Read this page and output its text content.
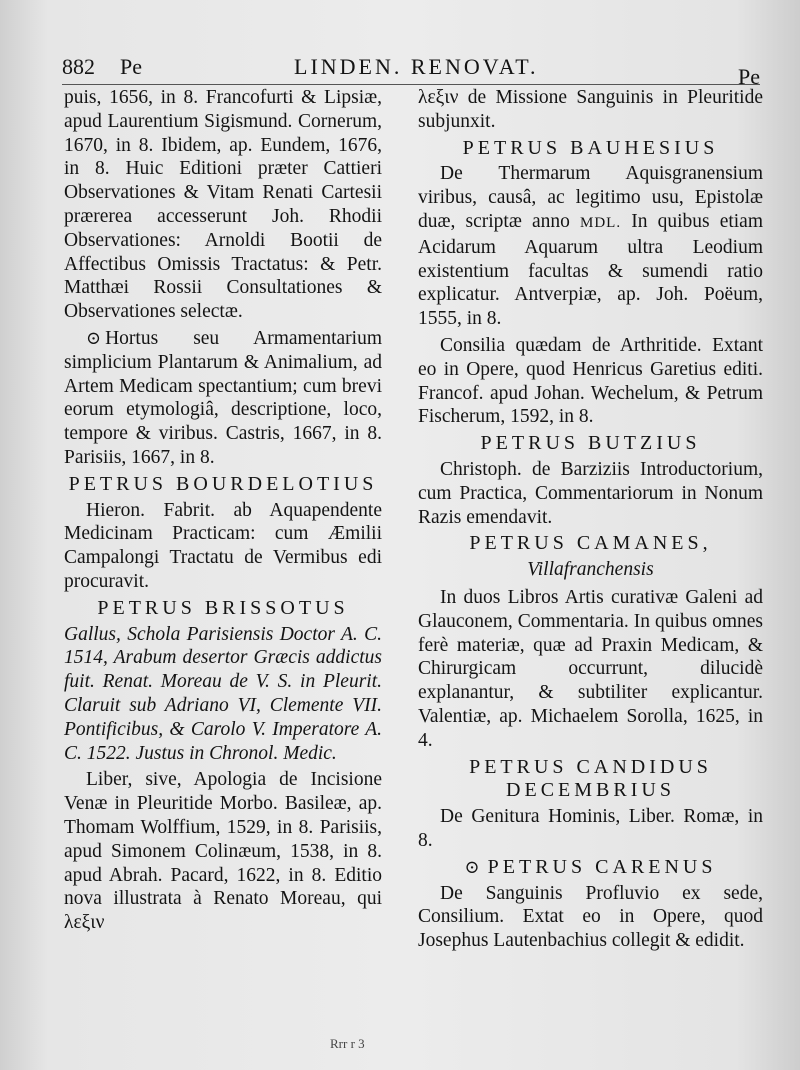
882 Pe	LINDEN. RENOVAT.	Pe

puis, 1656, in 8. Francofurti & Lipsiæ, apud Laurentium Sigismund. Cornerum, 1670, in 8. Ibidem, ap. Eundem, 1676, in 8. Huic Editioni præter Cattieri Observationes & Vitam Renati Cartesii prærerea accesserunt Joh. Rhodii Observationes: Arnoldi Bootii de Affectibus Omissis Tractatus: & Petr. Matthæi Rossii Consultationes & Observationes selectæ.

⊙ Hortus seu Armamentarium simplicium Plantarum & Animalium, ad Artem Medicam spectantium; cum brevi eorum etymologiâ, descriptione, loco, tempore & viribus. Castris, 1667, in 8. Parisiis, 1667, in 8.

PETRUS BOURDELOTIUS

Hieron. Fabrit. ab Aquapendente Medicinam Practicam: cum Æmilii Campalongi Tractatu de Vermibus edi procuravit.

PETRUS BRISSOTUS

Gallus, Schola Parisiensis Doctor A. C. 1514, Arabum desertor Græcis addictus fuit. Renat. Moreau de V. S. in Pleurit. Claruit sub Adriano VI, Clemente VII. Pontificibus, & Carolo V. Imperatore A. C. 1522. Justus in Chronol. Medic.

Liber, sive, Apologia de Incisione Venæ in Pleuritide Morbo. Basileæ, ap. Thomam Wolffium, 1529, in 8. Parisiis, apud Simonem Colinæum, 1538, in 8. apud Abrah. Pacard, 1622, in 8. Editio nova illustrata à Renato Moreau, qui λεξιν

λεξιν de Missione Sanguinis in Pleuritide subjunxit.

PETRUS BAUHESIUS

De Thermarum Aquisgranensium viribus, causâ, ac legitimo usu, Epistolæ duæ, scriptæ anno MDL. In quibus etiam Acidarum Aquarum ultra Leodium existentium facultas & sumendi ratio explicatur. Antverpiæ, ap. Joh. Poëum, 1555, in 8.

Consilia quædam de Arthritide. Extant eo in Opere, quod Henricus Garetius editi. Francof. apud Johan. Wechelum, & Petrum Fischerum, 1592, in 8.

PETRUS BUTZIUS

Christoph. de Barziziis Introductorium, cum Practica, Commentariorum in Nonum Razis emendavit.

PETRUS CAMANES,
Villafranchensis

In duos Libros Artis curativæ Galeni ad Glauconem, Commentaria. In quibus omnes ferè materiæ, quæ ad Praxin Medicam, & Chirurgicam occurrunt, dilucidè explanantur, & subtiliter explicantur. Valentiæ, ap. Michaelem Sorolla, 1625, in 4.

PETRUS CANDIDUS DECEMBRIUS

De Genitura Hominis, Liber. Romæ, in 8.

⊙ PETRUS CARENUS

De Sanguinis Profluvio ex sede, Consilium. Extat eo in Opere, quod Josephus Lautenbachius collegit & edidit.

Rrr r 3
